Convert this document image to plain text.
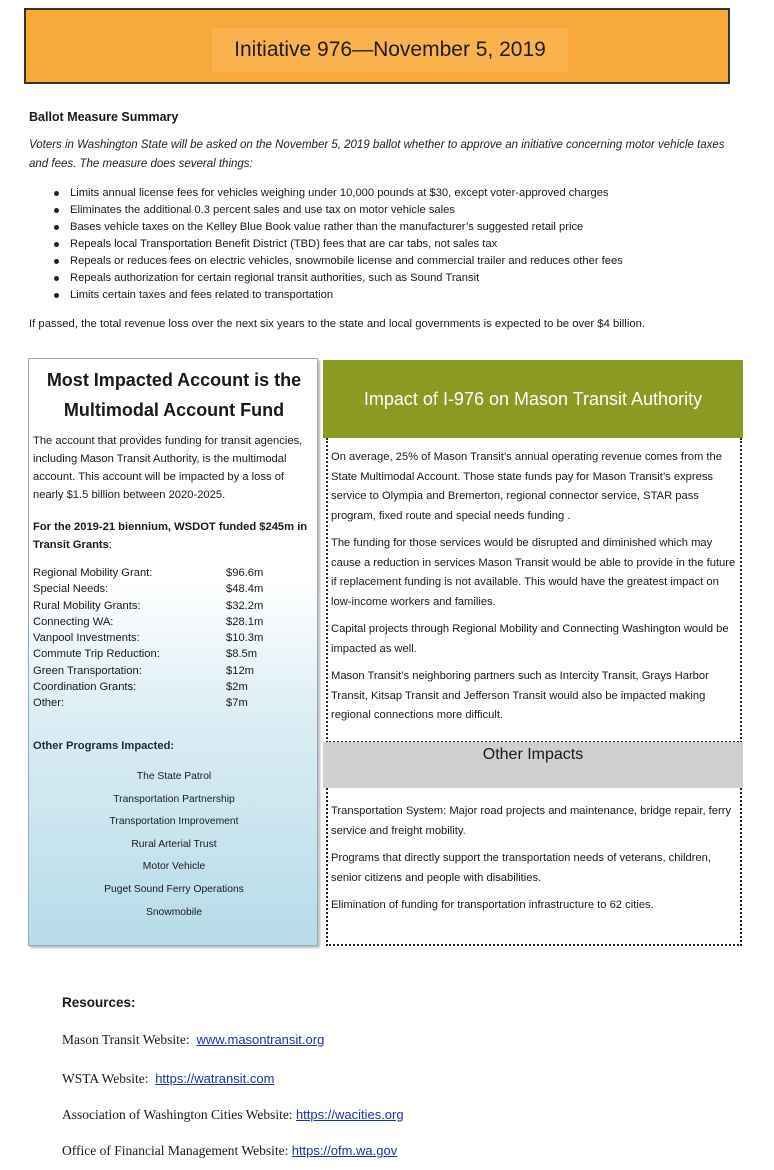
Initiative 976—November 5, 2019
Ballot Measure Summary
Voters in Washington State will be asked on the November 5, 2019 ballot whether to approve an initiative concerning motor vehicle taxes and fees. The measure does several things:
Limits annual license fees for vehicles weighing under 10,000 pounds at $30, except voter-approved charges
Eliminates the additional 0.3 percent sales and use tax on motor vehicle sales
Bases vehicle taxes on the Kelley Blue Book value rather than the manufacturer’s suggested retail price
Repeals local Transportation Benefit District (TBD) fees that are car tabs, not sales tax
Repeals or reduces fees on electric vehicles, snowmobile license and commercial trailer and reduces other fees
Repeals authorization for certain regional transit authorities, such as Sound Transit
Limits certain taxes and fees related to transportation
If passed, the total revenue loss over the next six years to the state and local governments is expected to be over $4 billion.
Most Impacted Account is the
Multimodal Account Fund
The account that provides funding for transit agencies, including Mason Transit Authority, is the multimodal account. This account will be impacted by a loss of nearly $1.5 billion between 2020-2025.
For the 2019-21 biennium, WSDOT funded $245m in Transit Grants:
Regional Mobility Grant:	$96.6m
Special Needs:	$48.4m
Rural Mobility Grants:	$32.2m
Connecting WA:	$28.1m
Vanpool Investments:	$10.3m
Commute Trip Reduction:	$8.5m
Green Transportation:	$12m
Coordination Grants:	$2m
Other:	$7m
Other Programs Impacted:
The State Patrol
Transportation Partnership
Transportation Improvement
Rural Arterial Trust
Motor Vehicle
Puget Sound Ferry Operations
Snowmobile
Impact of I-976 on Mason Transit Authority

On average, 25% of Mason Transit’s annual operating revenue comes from the State Multimodal Account. Those state funds pay for Mason Transit’s express service to Olympia and Bremerton, regional connector service, STAR pass program, fixed route and special needs funding .

The funding for those services would be disrupted and diminished which may cause a reduction in services Mason Transit would be able to provide in the future if replacement funding is not available. This would have the greatest impact on low-income workers and families.

Capital projects through Regional Mobility and Connecting Washington would be impacted as well.

Mason Transit’s neighboring partners such as Intercity Transit, Grays Harbor Transit, Kitsap Transit and Jefferson Transit would also be impacted making regional connections more difficult.

Other Impacts

Transportation System: Major road projects and maintenance, bridge repair, ferry service and freight mobility.

Programs that directly support the transportation needs of veterans, children, senior citizens and people with disabilities.

Elimination of funding for transportation infrastructure to 62 cities.

Resources:
Mason Transit Website: www.masontransit.org
WSTA Website: https://watransit.com
Association of Washington Cities Website: https://wacities.org
Office of Financial Management Website: https://ofm.wa.gov
